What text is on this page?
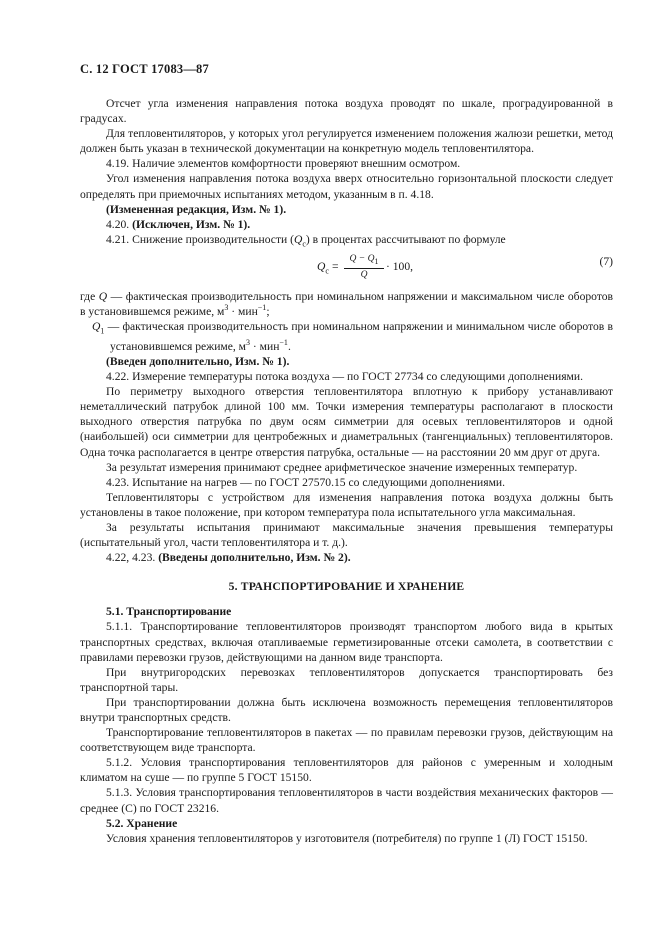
С. 12 ГОСТ 17083—87

Отсчет угла изменения направления потока воздуха проводят по шкале, проградуированной в градусах.

Для тепловентиляторов, у которых угол регулируется изменением положения жалюзи решетки, метод должен быть указан в технической документации на конкретную модель тепловентилятора.

4.19. Наличие элементов комфортности проверяют внешним осмотром.

Угол изменения направления потока воздуха вверх относительно горизонтальной плоскости следует определять при приемочных испытаниях методом, указанным в п. 4.18.

(Измененная редакция, Изм. № 1).

4.20. (Исключен, Изм. № 1).

4.21. Снижение производительности $(Q_с)$ в процентах рассчитывают по формуле

$Q_с = \frac{Q - Q_1}{Q} \cdot 100$,	(7)

где Q — фактическая производительность при номинальном напряжении и максимальном числе оборотов в установившемся режиме, $м^3 \cdot мин^{-1}$;

$Q_1$ — фактическая производительность при номинальном напряжении и минимальном числе оборотов в установившемся режиме, $м^3 \cdot мин^{-1}$.

(Введен дополнительно, Изм. № 1).

4.22. Измерение температуры потока воздуха — по ГОСТ 27734 со следующими дополнениями.

По периметру выходного отверстия тепловентилятора вплотную к прибору устанавливают неметаллический патрубок длиной 100 мм. Точки измерения температуры располагают в плоскости выходного отверстия патрубка по двум осям симметрии для осевых тепловентиляторов и одной (наибольшей) оси симметрии для центробежных и диаметральных (тангенциальных) тепловентиляторов. Одна точка располагается в центре отверстия патрубка, остальные — на расстоянии 20 мм друг от друга.

За результат измерения принимают среднее арифметическое значение измеренных температур.

4.23. Испытание на нагрев — по ГОСТ 27570.15 со следующими дополнениями.

Тепловентиляторы с устройством для изменения направления потока воздуха должны быть установлены в такое положение, при котором температура пола испытательного угла максимальная.

За результаты испытания принимают максимальные значения превышения температуры (испытательный угол, части тепловентилятора и т. д.).

4.22, 4.23. (Введены дополнительно, Изм. № 2).

5. ТРАНСПОРТИРОВАНИЕ И ХРАНЕНИЕ

5.1. Транспортирование

5.1.1. Транспортирование тепловентиляторов производят транспортом любого вида в крытых транспортных средствах, включая отапливаемые герметизированные отсеки самолета, в соответствии с правилами перевозки грузов, действующими на данном виде транспорта.

При внутригородских перевозках тепловентиляторов допускается транспортировать без транспортной тары.

При транспортировании должна быть исключена возможность перемещения тепловентиляторов внутри транспортных средств.

Транспортирование тепловентиляторов в пакетах — по правилам перевозки грузов, действующим на соответствующем виде транспорта.

5.1.2. Условия транспортирования тепловентиляторов для районов с умеренным и холодным климатом на суше — по группе 5 ГОСТ 15150.

5.1.3. Условия транспортирования тепловентиляторов в части воздействия механических факторов — среднее (С) по ГОСТ 23216.

5.2. Хранение

Условия хранения тепловентиляторов у изготовителя (потребителя) по группе 1 (Л) ГОСТ 15150.
